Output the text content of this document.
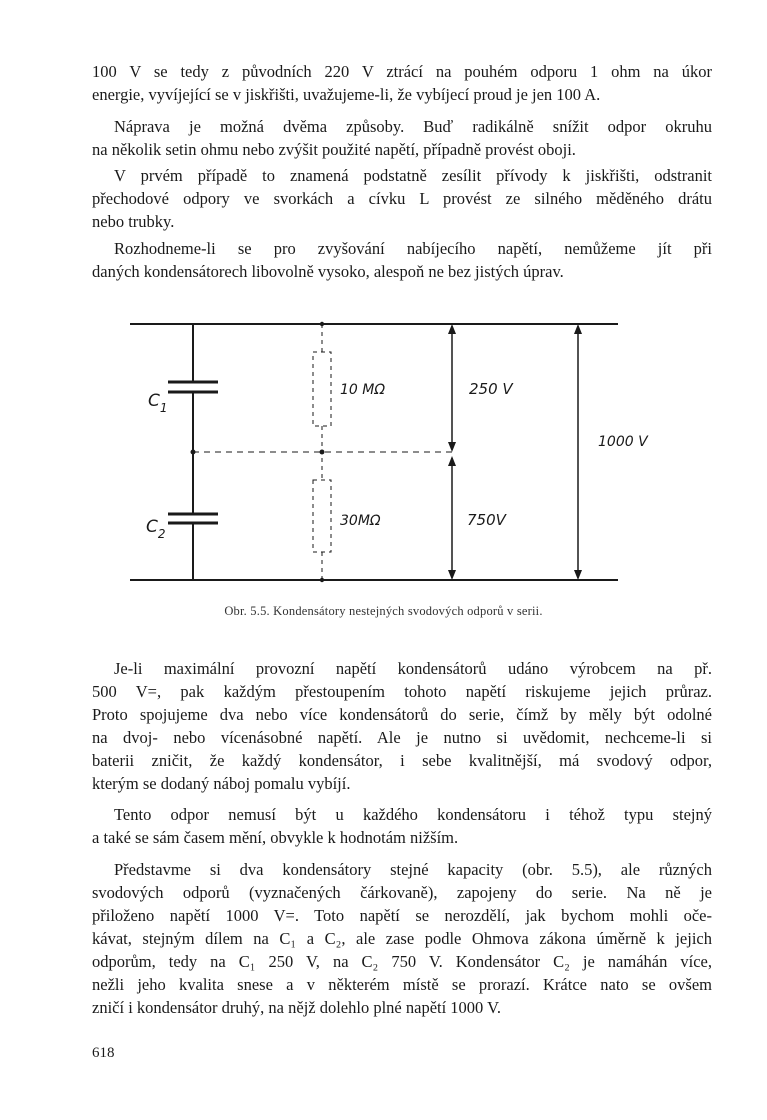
100 V se tedy z původních 220 V ztrácí na pouhém odporu 1 ohm na úkor
energie, vyvíjející se v jiskřišti, uvažujeme-li, že vybíjecí proud je jen 100 A.
Náprava je možná dvěma způsoby. Buď radikálně snížit odpor okruhu
na několik setin ohmu nebo zvýšit použité napětí, případně provést oboji.
V prvém případě to znamená podstatně zesílit přívody k jiskřišti, odstranit
přechodové odpory ve svorkách a cívku L provést ze silného měděného drátu
nebo trubky.
Rozhodneme-li se pro zvyšování nabíjecího napětí, nemůžeme jít při
daných kondensátorech libovolně vysoko, alespoň ne bez jistých úprav.
$C_1$
$C_2$
10 MΩ
30MΩ
250 V
750V
1000 V
Obr. 5.5. Kondensátory nestejných svodových odporů v serii.
Je-li maximální provozní napětí kondensátorů udáno výrobcem na př.
500 V=, pak každým přestoupením tohoto napětí riskujeme jejich průraz.
Proto spojujeme dva nebo více kondensátorů do serie, čímž by měly být odolné
na dvoj- nebo vícenásobné napětí. Ale je nutno si uvědomit, nechceme-li si
baterii zničit, že každý kondensátor, i sebe kvalitnější, má svodový odpor,
kterým se dodaný náboj pomalu vybíjí.
Tento odpor nemusí být u každého kondensátoru i téhož typu stejný
a také se sám časem mění, obvykle k hodnotám nižším.
Představme si dva kondensátory stejné kapacity (obr. 5.5), ale různých
svodových odporů (vyznačených čárkovaně), zapojeny do serie. Na ně je
přiloženo napětí 1000 V=. Toto napětí se nerozdělí, jak bychom mohli oče-
kávat, stejným dílem na C₁ a C₂, ale zase podle Ohmova zákona úměrně k jejich
odporům, tedy na C₁ 250 V, na C₂ 750 V. Kondensátor C₂ je namáhán více,
nežli jeho kvalita snese a v některém místě se prorazí. Krátce nato se ovšem
zničí i kondensátor druhý, na nějž dolehlo plné napětí 1000 V.
618
